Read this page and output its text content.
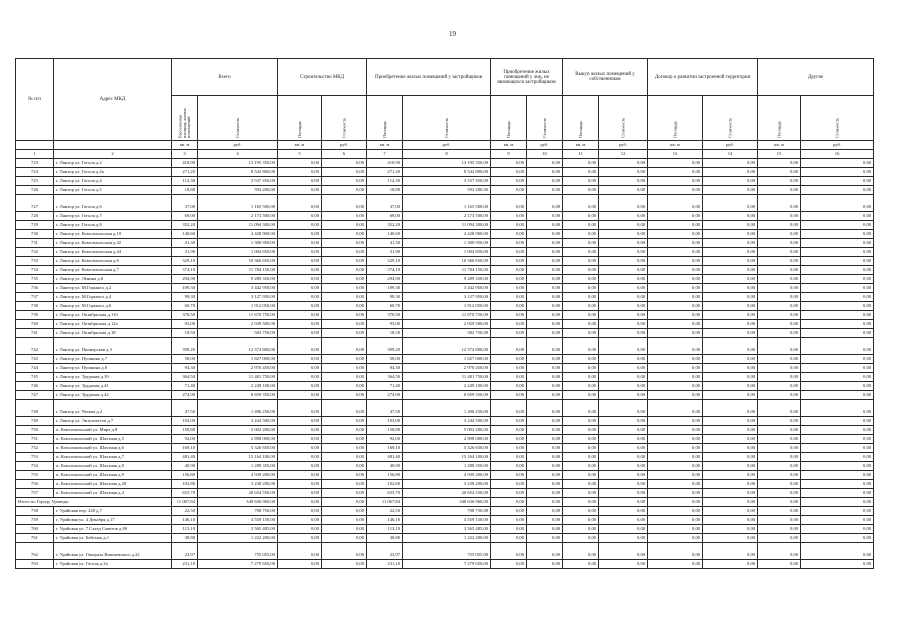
19
№ п/п	Адрес МКД	Всего		Строительство МКД		Приобретение жилых помещений у застройщиков		Приобретение жилых помещений у лиц, не являющихся застройщиком		Выкуп жилых помещений у собственников		Договор о развитии застроенной территории		Другие	
		Расселяемая площадь жилых помещений	Стоимость	Площадь	Стоимость	Площадь	Стоимость	Площадь	Стоимость	Площадь	Стоимость	Площадь	Стоимость	Площадь	Стоимость
		кв. м	руб.	кв. м	руб.	кв. м	руб.	кв. м	руб.	кв. м	руб.	кв. м	руб.	кв. м	руб.
1	2	3	4	5	6	7	8	9	10	11	12	13	14	15	16
723	г. Лянтор ул. Гоголя д.2	418,90	13 195 350,00	0,00	0,00	418,90	13 195 350,00	0,00	0,00	0,00	0,00	0,00	0,00	0,00	0,00
724	г. Лянтор ул. Гоголя д.2к	271,20	8 542 800,00	0,00	0,00	271,20	8 542 800,00	0,00	0,00	0,00	0,00	0,00	0,00	0,00	0,00
725	г. Лянтор ул. Гоголя д.4	112,30	3 537 450,00	0,00	0,00	112,30	3 537 450,00	0,00	0,00	0,00	0,00	0,00	0,00	0,00	0,00
726	г. Лянтор ул. Гоголя д.5	18,80	592 200,00	0,00	0,00	18,80	592 200,00	0,00	0,00	0,00	0,00	0,00	0,00	0,00	0,00
727	г. Лянтор ул. Гоголя д.6	37,00	1 165 500,00	0,00	0,00	37,00	1 165 500,00	0,00	0,00	0,00	0,00	0,00	0,00	0,00	0,00
728	г. Лянтор ул. Гоголя д.7	69,00	2 173 500,00	0,00	0,00	69,00	2 173 500,00	0,00	0,00	0,00	0,00	0,00	0,00	0,00	0,00
729	г. Лянтор ул. Гоголя д.8	352,20	11 094 300,00	0,00	0,00	352,20	11 094 300,00	0,00	0,00	0,00	0,00	0,00	0,00	0,00	0,00
730	г. Лянтор ул. Комсомольская д.10	140,60	4 428 900,00	0,00	0,00	140,60	4 428 900,00	0,00	0,00	0,00	0,00	0,00	0,00	0,00	0,00
731	г. Лянтор ул. Комсомольская д.42	41,30	1 300 950,00	0,00	0,00	41,30	1 300 950,00	0,00	0,00	0,00	0,00	0,00	0,00	0,00	0,00
732	г. Лянтор ул. Комсомольская д.44	31,90	1 004 850,00	0,00	0,00	31,90	1 004 850,00	0,00	0,00	0,00	0,00	0,00	0,00	0,00	0,00
733	г. Лянтор ул. Комсомольская д.6	329,10	10 366 650,00	0,00	0,00	329,10	10 366 650,00	0,00	0,00	0,00	0,00	0,00	0,00	0,00	0,00
734	г. Лянтор ул. Комсомольская д.7	374,10	11 784 150,00	0,00	0,00	374,10	11 784 150,00	0,00	0,00	0,00	0,00	0,00	0,00	0,00	0,00
735	г. Лянтор ул. Ленина д.8	294,90	9 289 350,00	0,00	0,00	294,90	9 289 350,00	0,00	0,00	0,00	0,00	0,00	0,00	0,00	0,00
736	г. Лянтор ул. М.Горького д.2	109,30	3 442 950,00	0,00	0,00	109,30	3 442 950,00	0,00	0,00	0,00	0,00	0,00	0,00	0,00	0,00
737	г. Лянтор ул. М.Горького д.4	99,30	3 127 950,00	0,00	0,00	99,30	3 127 950,00	0,00	0,00	0,00	0,00	0,00	0,00	0,00	0,00
738	г. Лянтор ул. М.Горького д.6	60,70	1 912 050,00	0,00	0,00	60,70	1 912 050,00	0,00	0,00	0,00	0,00	0,00	0,00	0,00	0,00
739	г. Лянтор ул. Октябрьская д.11б	370,50	11 670 750,00	0,00	0,00	370,50	11 670 750,00	0,00	0,00	0,00	0,00	0,00	0,00	0,00	0,00
740	г. Лянтор ул. Октябрьская д.12а	93,00	2 929 500,00	0,00	0,00	93,00	2 929 500,00	0,00	0,00	0,00	0,00	0,00	0,00	0,00	0,00
741	г. Лянтор ул. Октябрьская д.18	18,50	582 750,00	0,00	0,00	18,50	582 750,00	0,00	0,00	0,00	0,00	0,00	0,00	0,00	0,00
742	г. Лянтор ул. Пионерская д.3	399,20	12 574 800,00	0,00	0,00	399,20	12 574 800,00	0,00	0,00	0,00	0,00	0,00	0,00	0,00	0,00
743	г. Лянтор ул. Пушкина д.7	58,00	1 827 000,00	0,00	0,00	58,00	1 827 000,00	0,00	0,00	0,00	0,00	0,00	0,00	0,00	0,00
744	г. Лянтор ул. Пушкина д.8	94,30	2 970 450,00	0,00	0,00	94,30	2 970 450,00	0,00	0,00	0,00	0,00	0,00	0,00	0,00	0,00
745	г. Лянтор ул. Трудовая д.39	364,50	11 481 750,00	0,00	0,00	364,50	11 481 750,00	0,00	0,00	0,00	0,00	0,00	0,00	0,00	0,00
746	г. Лянтор ул. Трудовая д.41	71,40	2 249 100,00	0,00	0,00	71,40	2 249 100,00	0,00	0,00	0,00	0,00	0,00	0,00	0,00	0,00
747	г. Лянтор ул. Трудовая д.42	274,90	8 659 350,00	0,00	0,00	274,90	8 659 350,00	0,00	0,00	0,00	0,00	0,00	0,00	0,00	0,00
748	г. Лянтор ул. Чехова д.2	47,50	1 496 250,00	0,00	0,00	47,50	1 496 250,00	0,00	0,00	0,00	0,00	0,00	0,00	0,00	0,00
749	г. Лянтор ул. Энтузиастов д.7	103,00	3 244 500,00	0,00	0,00	103,00	3 244 500,00	0,00	0,00	0,00	0,00	0,00	0,00	0,00	0,00
750	п. Комсомольский ул. Мира д.8	158,80	5 002 200,00	0,00	0,00	158,80	5 002 200,00	0,00	0,00	0,00	0,00	0,00	0,00	0,00	0,00
751	п. Комсомольский ул. Шахтная д.5	92,00	2 898 000,00	0,00	0,00	92,00	2 898 000,00	0,00	0,00	0,00	0,00	0,00	0,00	0,00	0,00
752	п. Комсомольский ул. Шахтная д.6	169,10	5 326 650,00	0,00	0,00	169,10	5 326 650,00	0,00	0,00	0,00	0,00	0,00	0,00	0,00	0,00
753	п. Комсомольский ул. Шахтная д.7	481,40	15 164 100,00	0,00	0,00	481,40	15 164 100,00	0,00	0,00	0,00	0,00	0,00	0,00	0,00	0,00
754	п. Комсомольский ул. Шахтная д.8	40,90	1 288 350,00	0,00	0,00	40,90	1 288 350,00	0,00	0,00	0,00	0,00	0,00	0,00	0,00	0,00
755	п. Комсомольский ул. Шахтная д.9	156,80	4 939 200,00	0,00	0,00	156,80	4 939 200,00	0,00	0,00	0,00	0,00	0,00	0,00	0,00	0,00
756	п. Комсомольский ул. Шахтная д.20	102,80	3 238 200,00	0,00	0,00	102,80	3 238 200,00	0,00	0,00	0,00	0,00	0,00	0,00	0,00	0,00
757	п. Комсомольский ул. Шахтная д.4	655,70	20 654 550,00	0,00	0,00	655,70	20 654 550,00	0,00	0,00	0,00	0,00	0,00	0,00	0,00	0,00
Итого по Городу Ураиеды		11 067,84	348 636 960,00	0,00	0,00	11 067,84	348 636 960,00	0,00	0,00	0,00	0,00	0,00	0,00	0,00	0,00
758	г. Урайовая пер. 220 д.7	22,50	708 750,00	0,00	0,00	22,50	708 750,00	0,00	0,00	0,00	0,00	0,00	0,00	0,00	0,00
759	г. Урайовая ул. 4 Декабря д.17	146,10	4 559 150,00	0,00	0,00	146,10	4 559 150,00	0,00	0,00	0,00	0,00	0,00	0,00	0,00	0,00
760	г. Урайовая ул. 7 Съезд Советов д.90	113,19	3 565 485,00	0,00	0,00	113,19	3 565 485,00	0,00	0,00	0,00	0,00	0,00	0,00	0,00	0,00
761	г. Урайовая ул. Бейсмоя д.1	38,80	1 222 200,00	0,00	0,00	38,80	1 222 200,00	0,00	0,00	0,00	0,00	0,00	0,00	0,00	0,00
762	г. Урайовая ул. Генерала Вишневского д.22	23,97	755 055,00	0,00	0,00	23,97	755 055,00	0,00	0,00	0,00	0,00	0,00	0,00	0,00	0,00
763	г. Урайовая ул. Гоголя д.2а	231,10	7 279 650,00	0,00	0,00	231,10	7 279 650,00	0,00	0,00	0,00	0,00	0,00	0,00	0,00	0,00
